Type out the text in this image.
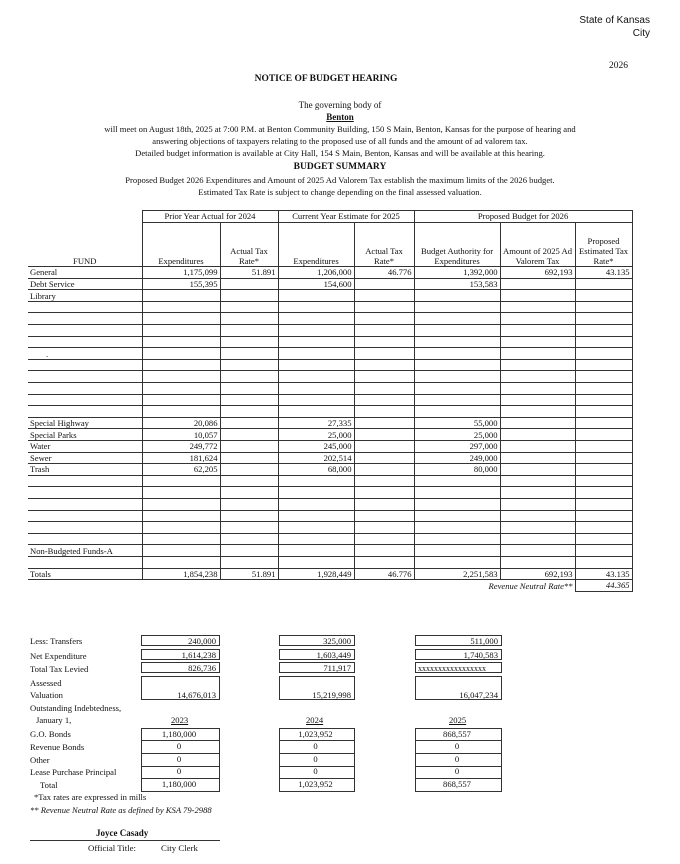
State of Kansas
City
2026
NOTICE OF BUDGET HEARING
The governing body of
Benton
will meet on August 18th, 2025 at 7:00 P.M. at Benton Community Building, 150 S Main, Benton, Kansas for the purpose of hearing and
answering objections of taxpayers relating to the proposed use of all funds and the amount of ad valorem tax.
Detailed budget information is available at City Hall, 154 S Main, Benton, Kansas and will be available at this hearing.
BUDGET SUMMARY
Proposed Budget 2026 Expenditures and Amount of 2025 Ad Valorem Tax establish the maximum limits of the 2026 budget.
Estimated Tax Rate is subject to change depending on the final assessed valuation.
	Prior Year Actual for 2024		Current Year Estimate for 2025		Proposed Budget for 2026		
FUND	Expenditures	Actual Tax Rate*	Expenditures	Actual Tax Rate*	Budget Authority for Expenditures	Amount of 2025 Ad Valorem Tax	Proposed Estimated Tax Rate*
General	1,175,099	51.891	1,206,000	46.776	1,392,000	692,193	43.135
Debt Service	155,395		154,600		153,583		
Library							

.							

Special Highway	20,086		27,335		55,000		
Special Parks	10,057		25,000		25,000		
Water	249,772		245,000		297,000		
Sewer	181,624		202,514		249,000		
Trash	62,205		68,000		80,000		

Non-Budgeted Funds-A							

Totals	1,854,238	51.891	1,928,449	46.776	2,251,583	692,193	43.135
Revenue Neutral Rate**							44.365
Less: Transfers	240,000	325,000	511,000
Net Expenditure	1,614,238	1,603,449	1,740,583
Total Tax Levied	826,736	711,917	xxxxxxxxxxxxxxxxx
Assessed
Valuation	14,676,013	15,219,998	16,047,234
Outstanding Indebtedness,
January 1,	2023	2024	2025
G.O. Bonds	1,180,000	1,023,952	868,557
Revenue Bonds	0	0	0
Other	0	0	0
Lease Purchase Principal	0	0	0
Total	1,180,000	1,023,952	868,557
*Tax rates are expressed in mills
** Revenue Neutral Rate as defined by KSA 79-2988
Joyce Casady
Official Title:	City Clerk
